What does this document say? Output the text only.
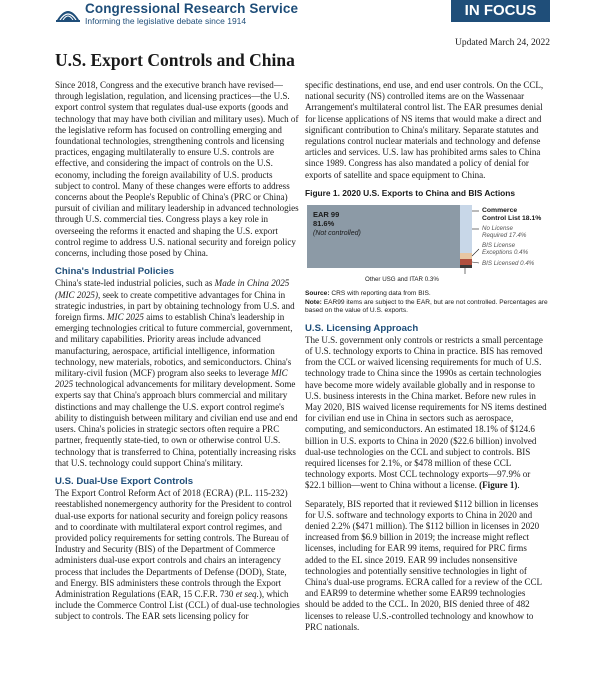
Congressional Research Service
Informing the legislative debate since 1914
IN FOCUS
Updated March 24, 2022
U.S. Export Controls and China

Since 2018, Congress and the executive branch have revised—through legislation, regulation, and licensing practices—the U.S. export control system that regulates dual-use exports (goods and technology that may have both civilian and military uses). Much of the legislative reform has focused on controlling emerging and foundational technologies, strengthening controls and licensing practices, engaging multilaterally to ensure U.S. controls are effective, and considering the impact of controls on the U.S. economy, including the foreign availability of U.S. products subject to control. Many of these changes were efforts to address concerns about the People's Republic of China's (PRC or China) pursuit of civilian and military leadership in advanced technologies through U.S. commercial ties. Congress plays a key role in overseeing the reforms it enacted and shaping the U.S. export control regime to address U.S. national security and foreign policy concerns, including those posed by China.

China's Industrial Policies

China's state-led industrial policies, such as Made in China 2025 (MIC 2025), seek to create competitive advantages for China in strategic industries, in part by obtaining technology from U.S. and foreign firms. MIC 2025 aims to establish China's leadership in emerging technologies critical to future commercial, government, and military capabilities. Priority areas include advanced manufacturing, aerospace, artificial intelligence, information technology, new materials, robotics, and semiconductors. China's military-civil fusion (MCF) program also seeks to leverage MIC 2025 technological advancements for military development. Some experts say that China's approach blurs commercial and military distinctions and may challenge the U.S. export control regime's ability to distinguish between military and civilian end use and end users. China's policies in strategic sectors often require a PRC partner, frequently state-tied, to own or otherwise control U.S. technology that is transferred to China, potentially increasing risks that U.S. technology could support China's military.

U.S. Dual-Use Export Controls

The Export Control Reform Act of 2018 (ECRA) (P.L. 115-232) reestablished nonemergency authority for the President to control dual-use exports for national security and foreign policy reasons and to coordinate with multilateral export control regimes, and provided policy requirements for setting controls. The Bureau of Industry and Security (BIS) of the Department of Commerce administers dual-use export controls and chairs an interagency process that includes the Departments of Defense (DOD), State, and Energy. BIS administers these controls through the Export Administration Regulations (EAR, 15 C.F.R. 730 et seq.), which include the Commerce Control List (CCL) of dual-use technologies subject to controls. The EAR sets licensing policy for

specific destinations, end use, and end user controls. On the CCL, national security (NS) controlled items are on the Wassenaar Arrangement's multilateral control list. The EAR presumes denial for license applications of NS items that would make a direct and significant contribution to China's military. Separate statutes and regulations control nuclear materials and technology and defense articles and services. U.S. law has prohibited arms sales to China since 1989. Congress has also mandated a policy of denial for exports of satellite and space equipment to China.

Figure 1. 2020 U.S. Exports to China and BIS Actions
EAR 99
81.6%
(Not controlled)
Commerce Control List 18.1%
No License Required 17.4%
BIS License Exceptions 0.4%
BIS Licensed 0.4%
Other USG and ITAR 0.3%

Source: CRS with reporting data from BIS.
Note: EAR99 items are subject to the EAR, but are not controlled. Percentages are based on the value of U.S. exports.

U.S. Licensing Approach

The U.S. government only controls or restricts a small percentage of U.S. technology exports to China in practice. BIS has removed from the CCL or waived licensing requirements for much of U.S. technology trade to China since the 1990s as certain technologies have become more widely available globally and in response to U.S. business interests in the China market. Before new rules in May 2020, BIS waived license requirements for NS items destined for civilian end use in China in sectors such as aerospace, computing, and semiconductors. An estimated 18.1% of $124.6 billion in U.S. exports to China in 2020 ($22.6 billion) involved dual-use technologies on the CCL and subject to controls. BIS required licenses for 2.1%, or $478 million of these CCL technology exports. Most CCL technology exports—97.9% or $22.1 billion—went to China without a license. (Figure 1).

Separately, BIS reported that it reviewed $112 billion in licenses for U.S. software and technology exports to China in 2020 and denied 2.2% ($471 million). The $112 billion in licenses in 2020 increased from $6.9 billion in 2019; the increase might reflect licenses, including for EAR 99 items, required for PRC firms added to the EL since 2019. EAR 99 includes nonsensitive technologies and potentially sensitive technologies in light of China's dual-use programs. ECRA called for a review of the CCL and EAR99 to determine whether some EAR99 technologies should be added to the CCL. In 2020, BIS denied three of 482 licenses to release U.S.-controlled technology and knowhow to PRC nationals.
